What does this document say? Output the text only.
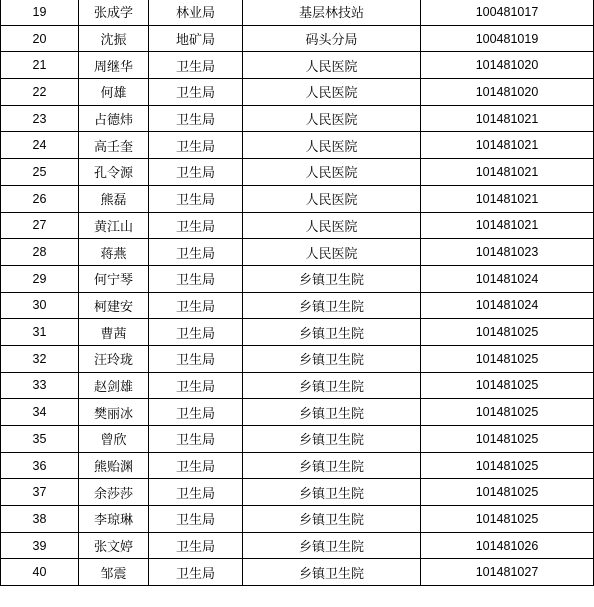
19	张成学	林业局	基层林技站	100481017
20	沈振	地矿局	码头分局	100481019
21	周继华	卫生局	人民医院	101481020
22	何雄	卫生局	人民医院	101481020
23	占德炜	卫生局	人民医院	101481021
24	高壬奎	卫生局	人民医院	101481021
25	孔令源	卫生局	人民医院	101481021
26	熊磊	卫生局	人民医院	101481021
27	黄江山	卫生局	人民医院	101481021
28	蒋燕	卫生局	人民医院	101481023
29	何宁琴	卫生局	乡镇卫生院	101481024
30	柯建安	卫生局	乡镇卫生院	101481024
31	曹茜	卫生局	乡镇卫生院	101481025
32	汪玲珑	卫生局	乡镇卫生院	101481025
33	赵剑雄	卫生局	乡镇卫生院	101481025
34	樊丽冰	卫生局	乡镇卫生院	101481025
35	曾欣	卫生局	乡镇卫生院	101481025
36	熊贻渊	卫生局	乡镇卫生院	101481025
37	余莎莎	卫生局	乡镇卫生院	101481025
38	李琼琳	卫生局	乡镇卫生院	101481025
39	张文婷	卫生局	乡镇卫生院	101481026
40	邹震	卫生局	乡镇卫生院	101481027
